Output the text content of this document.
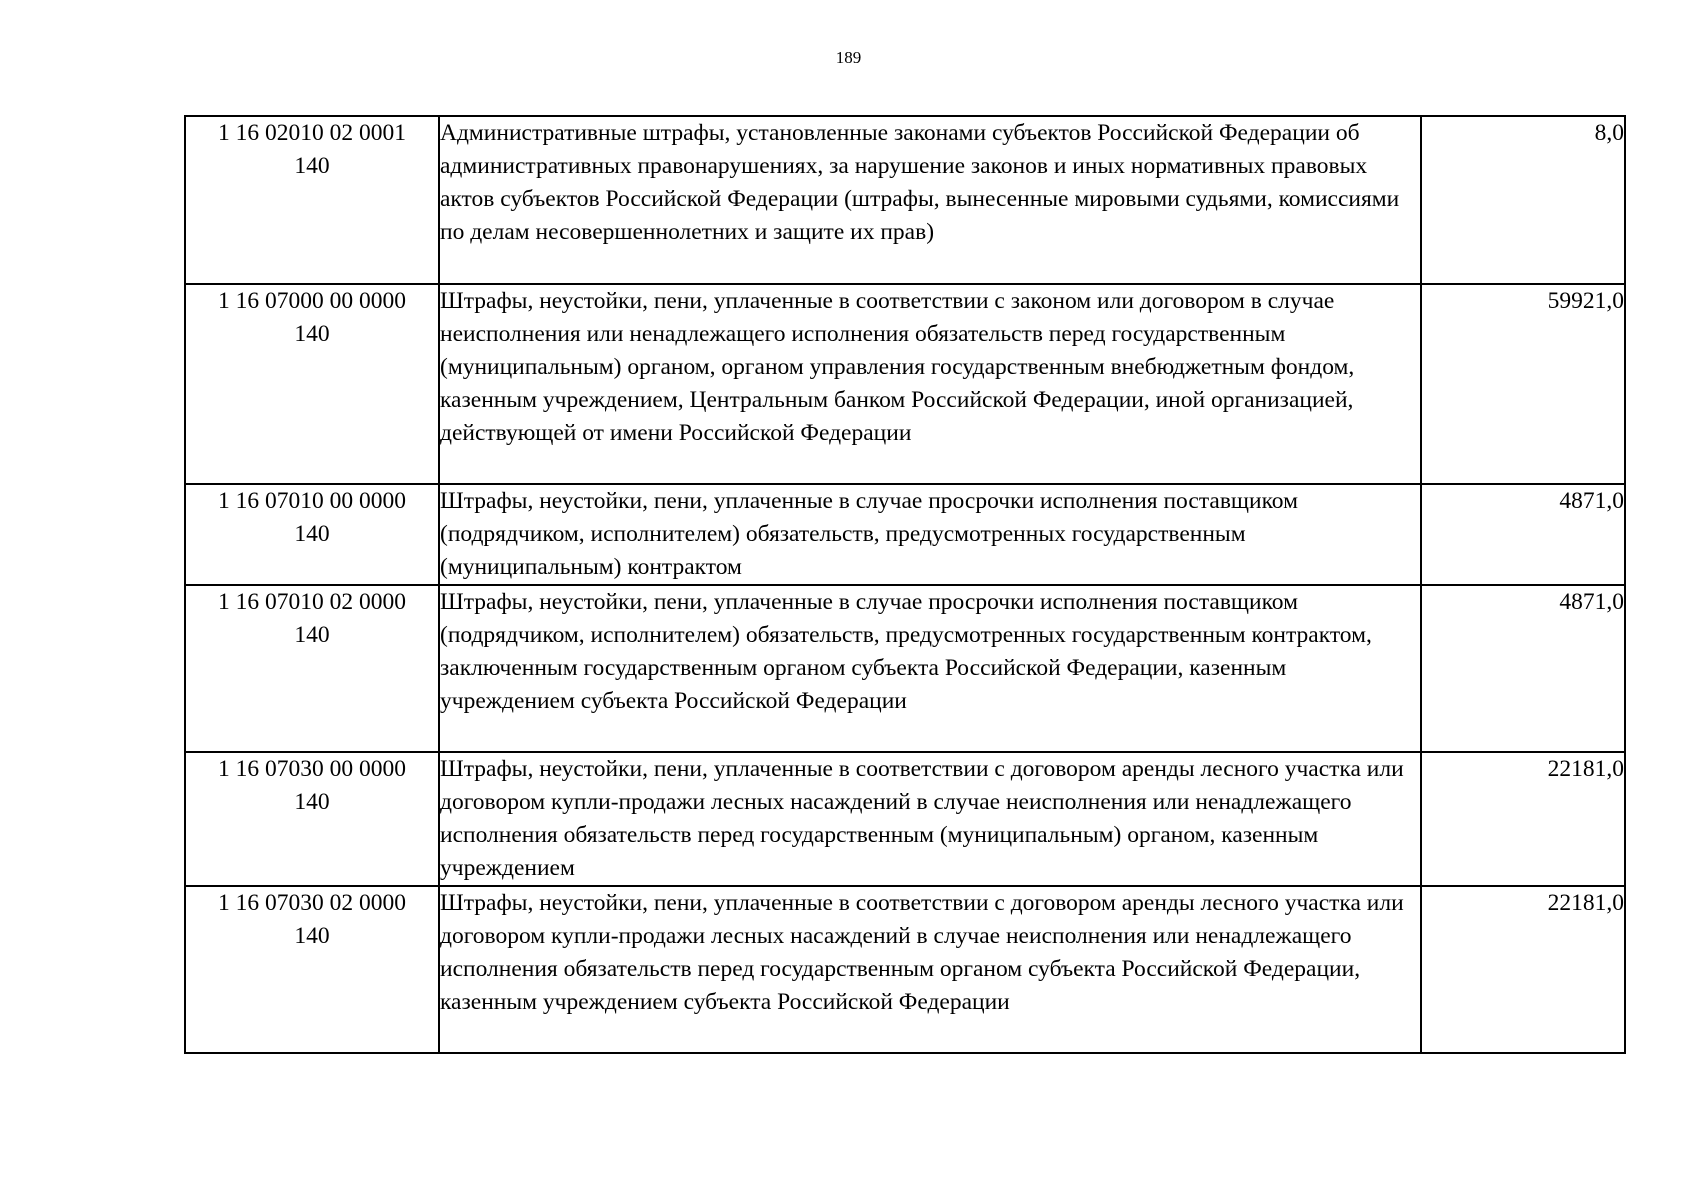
189
1 16 02010 02 0001
140	Административные штрафы, установленные законами субъектов Российской Федерации об административных правонарушениях, за нарушение законов и иных нормативных правовых актов субъектов Российской Федерации (штрафы, вынесенные мировыми судьями, комиссиями по делам несовершеннолетних и защите их прав)	8,0

1 16 07000 00 0000
140	Штрафы, неустойки, пени, уплаченные в соответствии с законом или договором в случае неисполнения или ненадлежащего исполнения обязательств перед государственным (муниципальным) органом, органом управления государственным внебюджетным фондом, казенным учреждением, Центральным банком Российской Федерации, иной организацией, действующей от имени Российской Федерации	59921,0

1 16 07010 00 0000
140	Штрафы, неустойки, пени, уплаченные в случае просрочки исполнения поставщиком (подрядчиком, исполнителем) обязательств, предусмотренных государственным (муниципальным) контрактом	4871,0

1 16 07010 02 0000
140	Штрафы, неустойки, пени, уплаченные в случае просрочки исполнения поставщиком (подрядчиком, исполнителем) обязательств, предусмотренных государственным контрактом, заключенным государственным органом субъекта Российской Федерации, казенным учреждением субъекта Российской Федерации	4871,0

1 16 07030 00 0000
140	Штрафы, неустойки, пени, уплаченные в соответствии с договором аренды лесного участка или договором купли-продажи лесных насаждений в случае неисполнения или ненадлежащего исполнения обязательств перед государственным (муниципальным) органом, казенным учреждением	22181,0

1 16 07030 02 0000
140	Штрафы, неустойки, пени, уплаченные в соответствии с договором аренды лесного участка или договором купли-продажи лесных насаждений в случае неисполнения или ненадлежащего исполнения обязательств перед государственным органом субъекта Российской Федерации, казенным учреждением субъекта Российской Федерации	22181,0
